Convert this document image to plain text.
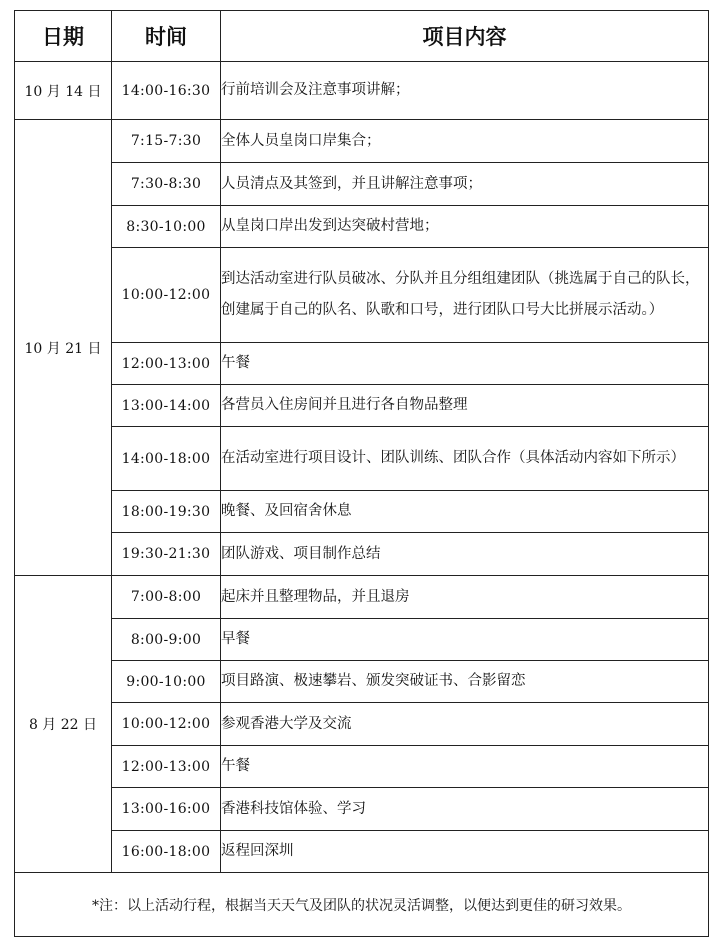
日期	时间	项目内容
10 月 14 日	14:00-16:30	行前培训会及注意事项讲解；
10 月 21 日	7:15-7:30	全体人员皇岗口岸集合；
	7:30-8:30	人员清点及其签到，并且讲解注意事项；
	8:30-10:00	从皇岗口岸出发到达突破村营地；
	10:00-12:00	到达活动室进行队员破冰、分队并且分组组建团队（挑选属于自己的队长，创建属于自己的队名、队歌和口号，进行团队口号大比拼展示活动。）
	12:00-13:00	午餐
	13:00-14:00	各营员入住房间并且进行各自物品整理
	14:00-18:00	在活动室进行项目设计、团队训练、团队合作（具体活动内容如下所示）
	18:00-19:30	晚餐、及回宿舍休息
	19:30-21:30	团队游戏、项目制作总结
8 月 22 日	7:00-8:00	起床并且整理物品，并且退房
	8:00-9:00	早餐
	9:00-10:00	项目路演、极速攀岩、颁发突破证书、合影留恋
	10:00-12:00	参观香港大学及交流
	12:00-13:00	午餐
	13:00-16:00	香港科技馆体验、学习
	16:00-18:00	返程回深圳
*注：以上活动行程，根据当天天气及团队的状况灵活调整，以便达到更佳的研习效果。		
